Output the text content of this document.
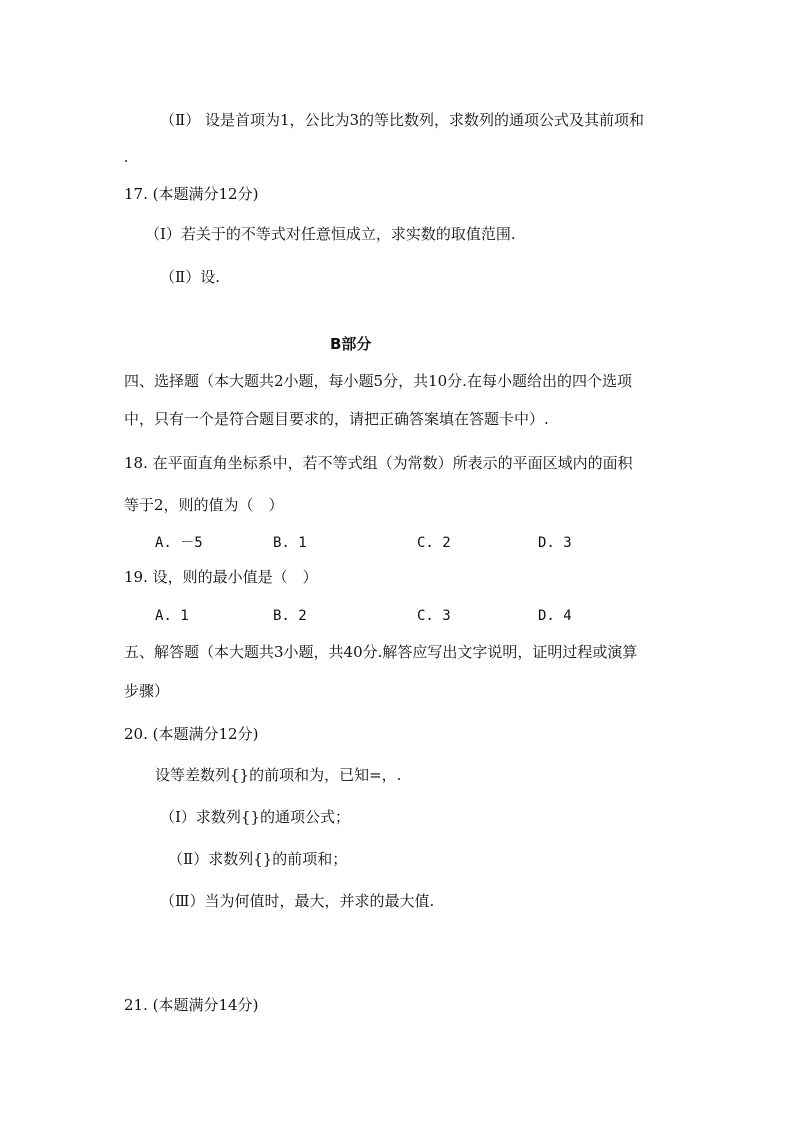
（Ⅱ） 设是首项为1，公比为3的等比数列，求数列的通项公式及其前项和
17. (本题满分12分)
（Ⅰ）若关于的不等式对任意恒成立，求实数的取值范围.
（Ⅱ）设.
B部分
四、选择题（本大题共2小题，每小题5分，共10分.在每小题给出的四个选项
中，只有一个是符合题目要求的，请把正确答案填在答题卡中）.
18. 在平面直角坐标系中，若不等式组（为常数）所表示的平面区域内的面积
等于2，则的值为（　）
A. －5	B. 1	C. 2	D. 3
19. 设，则的最小值是（　）
A. 1	B. 2	C. 3	D. 4
五、解答题（本大题共3小题，共40分.解答应写出文字说明，证明过程或演算
步骤）
20. (本题满分12分)
设等差数列{}的前项和为，已知=，.
（Ⅰ）求数列{}的通项公式；
（Ⅱ）求数列{}的前项和；
（Ⅲ）当为何值时，最大，并求的最大值.
21. (本题满分14分)
